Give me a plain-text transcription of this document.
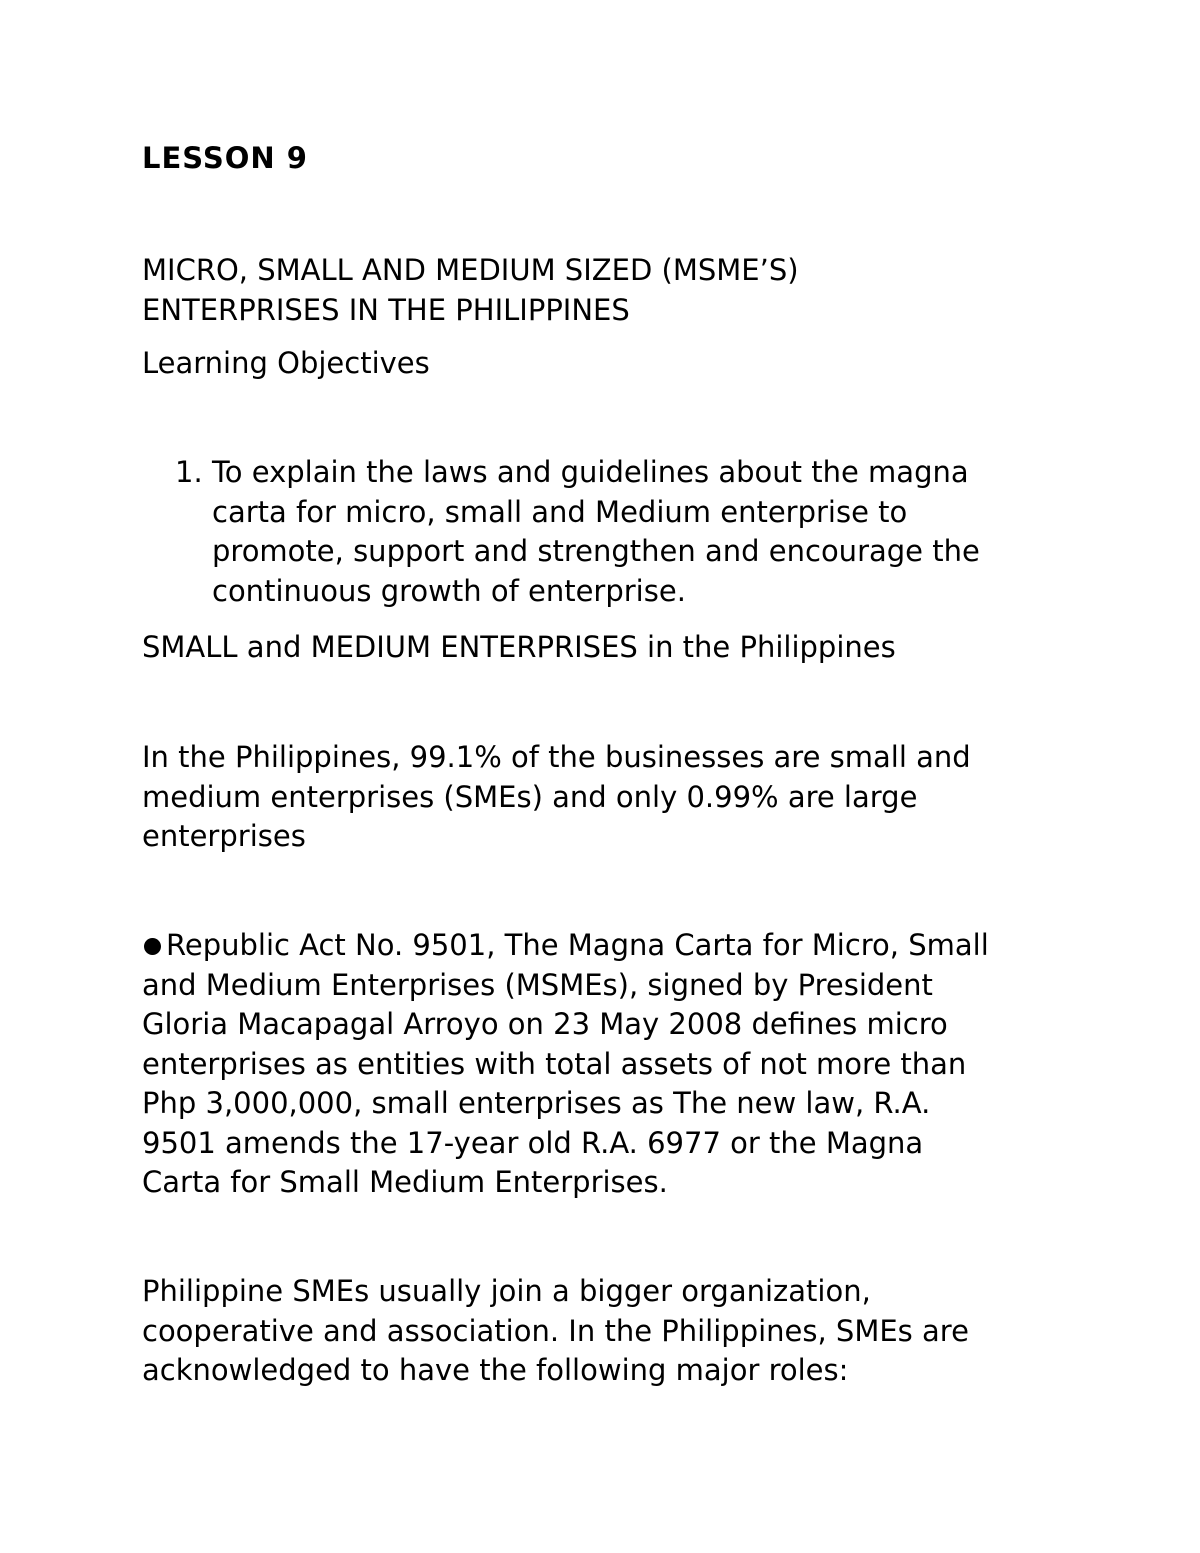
LESSON 9
MICRO, SMALL AND MEDIUM SIZED (MSME’S)
ENTERPRISES IN THE PHILIPPINES
Learning Objectives
1. To explain the laws and guidelines about the magna
carta for micro, small and Medium enterprise to
promote, support and strengthen and encourage the
continuous growth of enterprise.
SMALL and MEDIUM ENTERPRISES in the Philippines
In the Philippines, 99.1% of the businesses are small and
medium enterprises (SMEs) and only 0.99% are large
enterprises

Republic Act No. 9501, The Magna Carta for Micro, Small
and Medium Enterprises (MSMEs), signed by President
Gloria Macapagal Arroyo on 23 May 2008 defines micro
enterprises as entities with total assets of not more than
Php 3,000,000, small enterprises as The new law, R.A.
9501 amends the 17-year old R.A. 6977 or the Magna
Carta for Small Medium Enterprises.

Philippine SMEs usually join a bigger organization,
cooperative and association. In the Philippines, SMEs are
acknowledged to have the following major roles:
